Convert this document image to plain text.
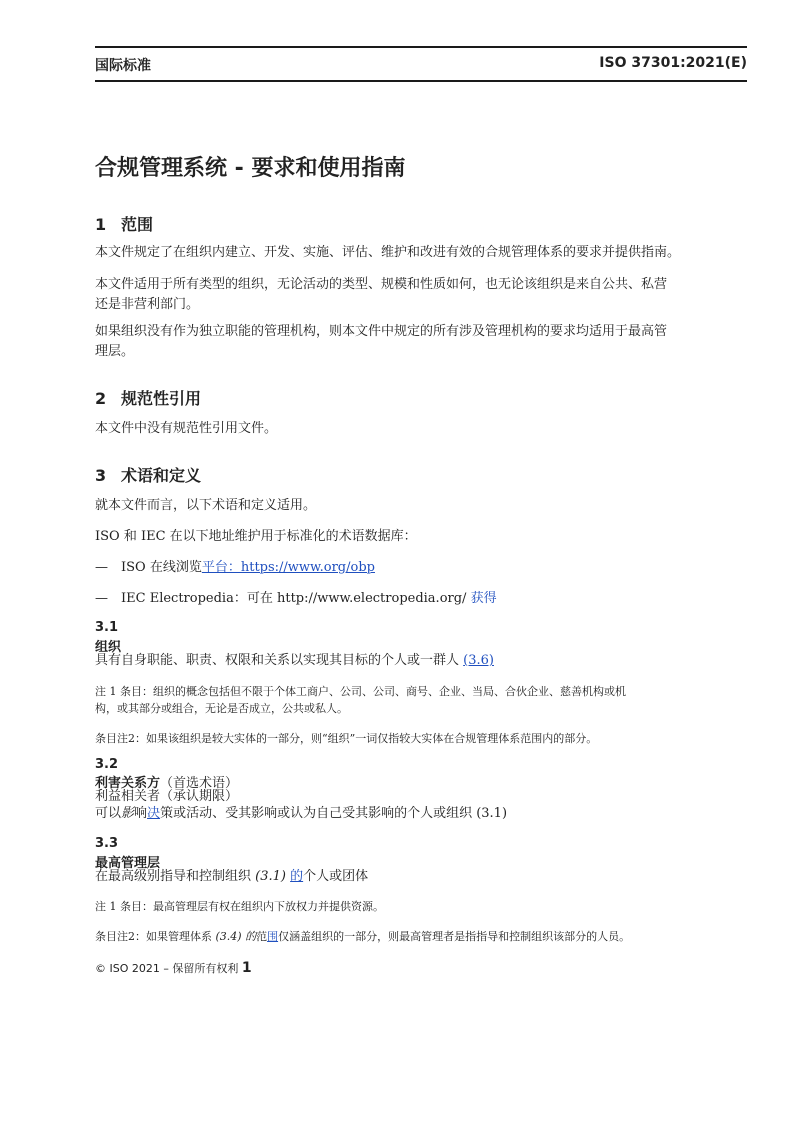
国际标准	ISO 37301:2021(E)
合规管理系统 - 要求和使用指南
1 范围

本文件规定了在组织内建立、开发、实施、评估、维护和改进有效的合规管理体系的要求并提供指南。

本文件适用于所有类型的组织，无论活动的类型、规模和性质如何，也无论该组织是来自公共、私营
还是非营利部门。

如果组织没有作为独立职能的管理机构，则本文件中规定的所有涉及管理机构的要求均适用于最高管
理层。

2 规范性引用

本文件中没有规范性引用文件。

3 术语和定义

就本文件而言，以下术语和定义适用。

ISO 和 IEC 在以下地址维护用于标准化的术语数据库：

— ISO 在线浏览平台：https://www.org/obp

— IEC Electropedia：可在 http://www.electropedia.org/ 获得

3.1

组织

具有自身职能、职责、权限和关系以实现其目标的个人或一群人 (3.6)

注 1 条目：组织的概念包括但不限于个体工商户、公司、公司、商号、企业、当局、合伙企业、慈善机构或机
构，或其部分或组合，无论是否成立，公共或私人。

条目注2：如果该组织是较大实体的一部分，则“组织”一词仅指较大实体在合规管理体系范围内的部分。

3.2

利害关系方（首选术语）

利益相关者（承认期限）

可以影响决策或活动、受其影响或认为自己受其影响的个人或组织 (3.1)

3.3

最高管理层

在最高级别指导和控制组织 (3.1) 的个人或团体

注 1 条目：最高管理层有权在组织内下放权力并提供资源。

条目注2：如果管理体系 (3.4) 的范围仅涵盖组织的一部分，则最高管理者是指指导和控制组织该部分的人员。

© ISO 2021 – 保留所有权利 1
